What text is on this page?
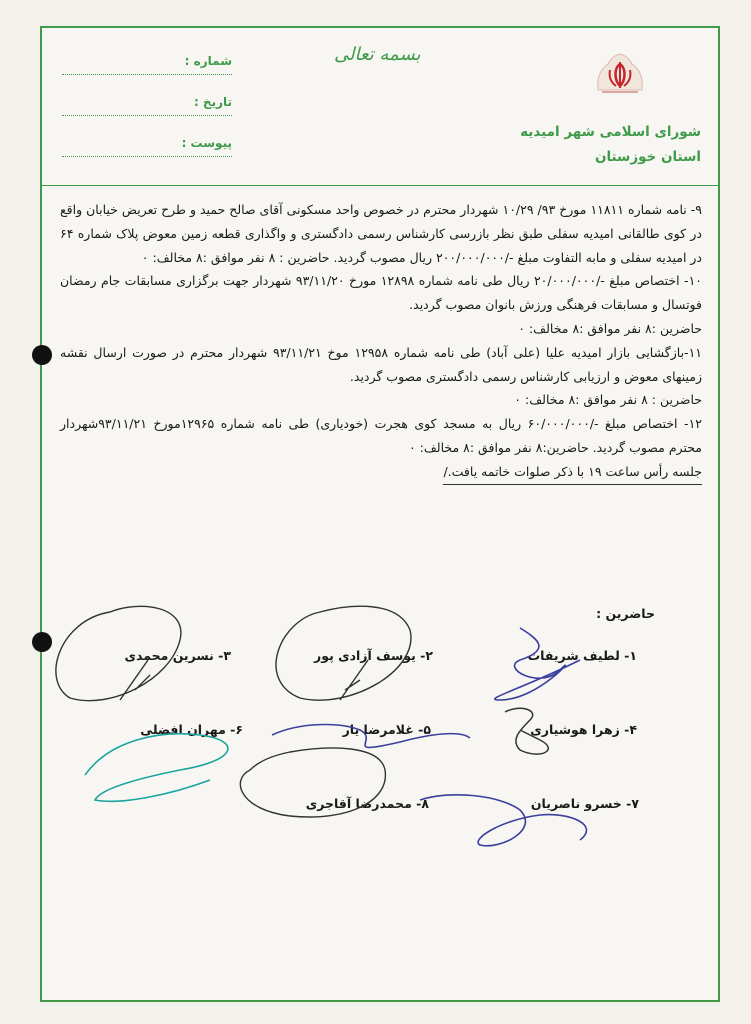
بسمه تعالی
شماره :
تاریخ :
پیوست :
شورای اسلامی شهر امیدیه
استان خوزستان

۹- نامه شماره ۱۱۸۱۱ مورخ ۹۳/ ۱۰/۲۹ شهردار محترم در خصوص واحد مسکونی آقای صالح حمید و طرح تعریض خیابان واقع در کوی طالقانی امیدیه سفلی طبق نظر بازرسی کارشناس رسمی دادگستری و واگذاری قطعه زمین معوض پلاک شماره ۶۴ در امیدیه سفلی و مابه التفاوت مبلغ -/۲۰۰/۰۰۰/۰۰۰ ریال مصوب گردید. حاضرین : ۸ نفر موافق :۸ مخالف: ۰

۱۰- اختصاص مبلغ -/۲۰/۰۰۰/۰۰۰ ریال طی نامه شماره ۱۲۸۹۸ مورخ ۹۳/۱۱/۲۰ شهردار جهت برگزاری مسابقات جام رمضان فوتسال و مسابقات فرهنگی ورزش بانوان مصوب گردید.

حاضرین :۸ نفر موافق :۸ مخالف: ۰

۱۱-بازگشایی بازار امیدیه علیا (علی آباد) طی نامه شماره ۱۲۹۵۸ موخ ۹۳/۱۱/۲۱ شهردار محترم در صورت ارسال نقشه زمینهای معوض و ارزیابی کارشناس رسمی دادگستری مصوب گردید.

حاضرین : ۸ نفر موافق :۸ مخالف: ۰

۱۲- اختصاص مبلغ -/۶۰/۰۰۰/۰۰۰ ریال به مسجد کوی هجرت (خودیاری) طی نامه شماره ۱۲۹۶۵مورخ ۹۳/۱۱/۲۱شهردار محترم مصوب گردید. حاضرین:۸ نفر موافق :۸ مخالف: ۰

جلسه رأس ساعت ۱۹ با ذکر صلوات خاتمه یافت./

حاضرین :
۱- لطیف شریفات
۲- یوسف آزادی پور
۳- نسرین محمدی
۴- زهرا هوشیاری
۵- غلامرضا یار
۶- مهران افضلی
۷- خسرو ناصریان
۸- محمدرضا آقاجری
